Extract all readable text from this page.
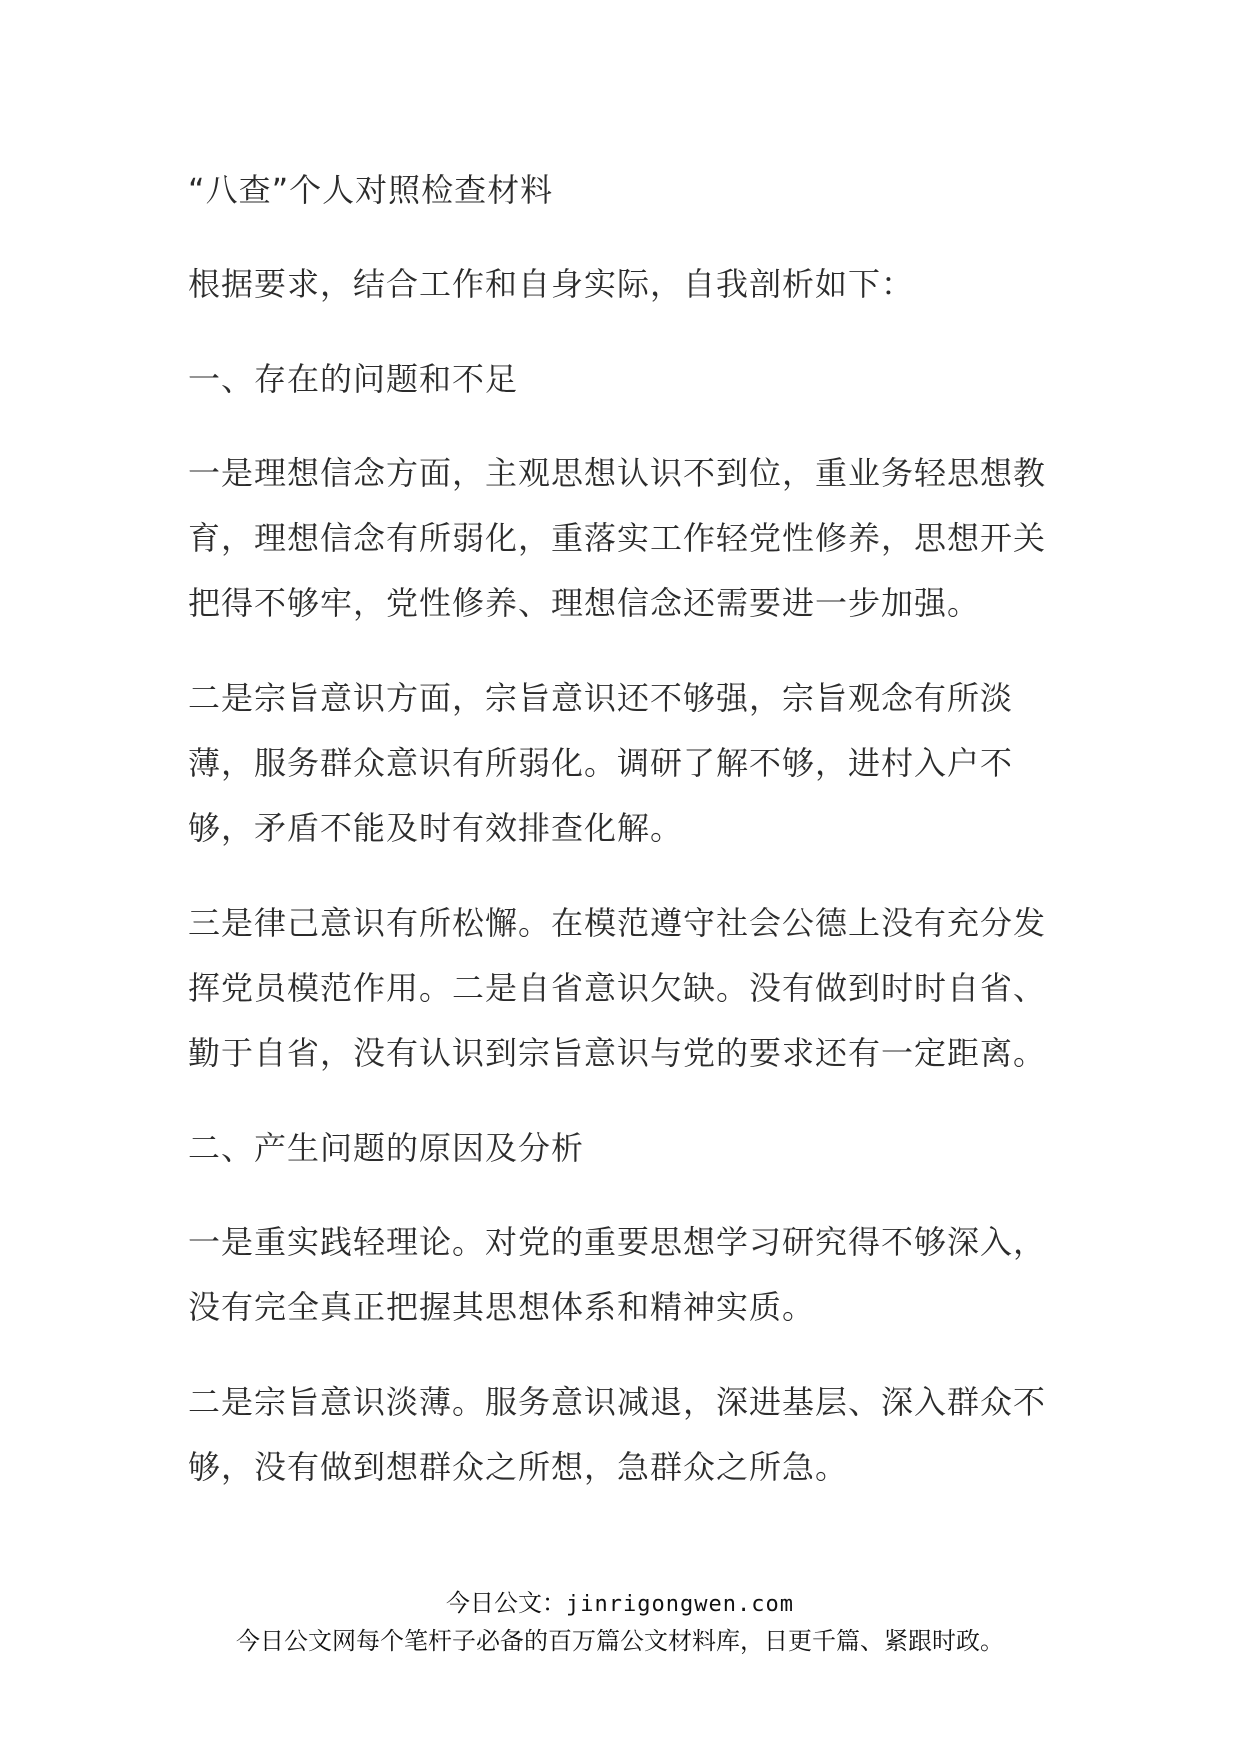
“八查”个人对照检查材料
根据要求，结合工作和自身实际，自我剖析如下：
一、存在的问题和不足
一是理想信念方面，主观思想认识不到位，重业务轻思想教育，理想信念有所弱化，重落实工作轻党性修养，思想开关把得不够牢，党性修养、理想信念还需要进一步加强。
二是宗旨意识方面，宗旨意识还不够强，宗旨观念有所淡薄，服务群众意识有所弱化。调研了解不够，进村入户不够，矛盾不能及时有效排查化解。
三是律己意识有所松懈。在模范遵守社会公德上没有充分发挥党员模范作用。二是自省意识欠缺。没有做到时时自省、勤于自省，没有认识到宗旨意识与党的要求还有一定距离。
二、产生问题的原因及分析
一是重实践轻理论。对党的重要思想学习研究得不够深入，没有完全真正把握其思想体系和精神实质。
二是宗旨意识淡薄。服务意识减退，深进基层、深入群众不够，没有做到想群众之所想，急群众之所急。
今日公文：jinrigongwen.com
今日公文网每个笔杆子必备的百万篇公文材料库，日更千篇、紧跟时政。
